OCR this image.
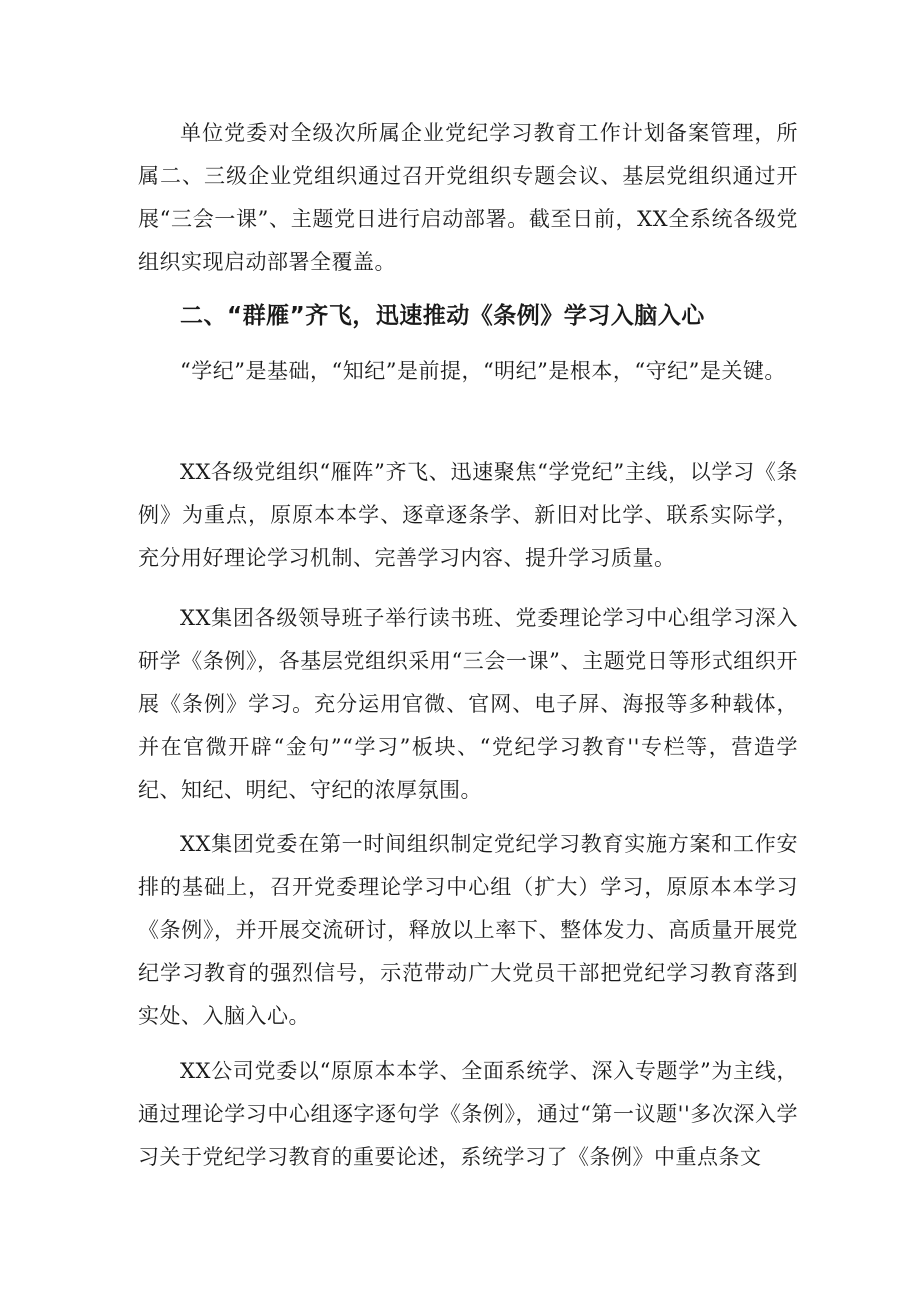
单位党委对全级次所属企业党纪学习教育工作计划备案管理，所属二、三级企业党组织通过召开党组织专题会议、基层党组织通过开展“三会一课”、主题党日进行启动部署。截至日前，XX全系统各级党组织实现启动部署全覆盖。

二、“群雁”齐飞，迅速推动《条例》学习入脑入心

“学纪”是基础，“知纪”是前提，“明纪”是根本，“守纪”是关键。

XX各级党组织“雁阵”齐飞、迅速聚焦“学党纪”主线，以学习《条例》为重点，原原本本学、逐章逐条学、新旧对比学、联系实际学，充分用好理论学习机制、完善学习内容、提升学习质量。

XX集团各级领导班子举行读书班、党委理论学习中心组学习深入研学《条例》，各基层党组织采用“三会一课”、主题党日等形式组织开展《条例》学习。充分运用官微、官网、电子屏、海报等多种载体，并在官微开辟“金句”“学习”板块、“党纪学习教育''专栏等，营造学纪、知纪、明纪、守纪的浓厚氛围。

XX集团党委在第一时间组织制定党纪学习教育实施方案和工作安排的基础上，召开党委理论学习中心组（扩大）学习，原原本本学习《条例》，并开展交流研讨，释放以上率下、整体发力、高质量开展党纪学习教育的强烈信号，示范带动广大党员干部把党纪学习教育落到实处、入脑入心。

XX公司党委以“原原本本学、全面系统学、深入专题学”为主线，通过理论学习中心组逐字逐句学《条例》，通过“第一议题''多次深入学习关于党纪学习教育的重要论述，系统学习了《条例》中重点条文
